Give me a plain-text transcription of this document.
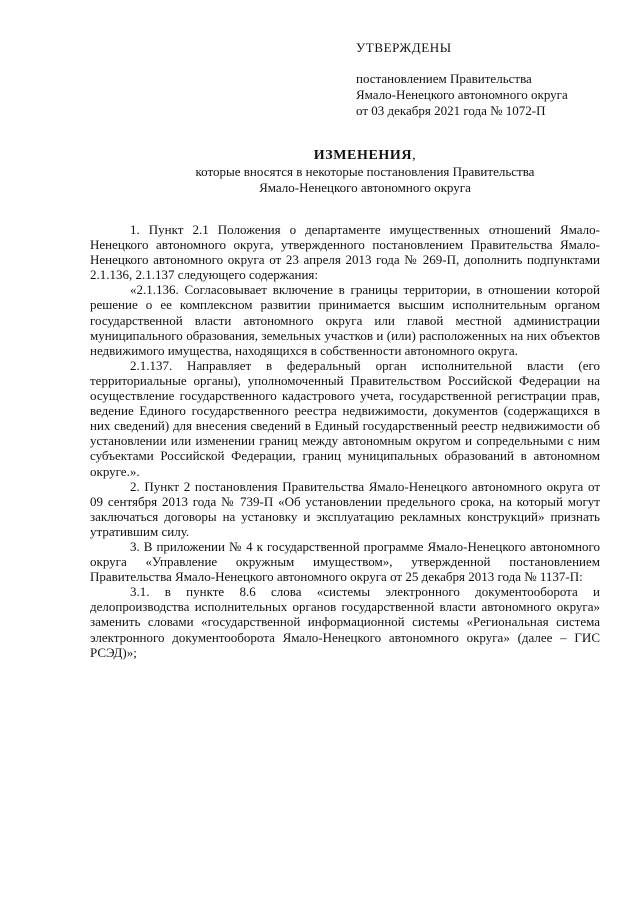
УТВЕРЖДЕНЫ
постановлением Правительства
Ямало-Ненецкого автономного округа
от 03 декабря 2021 года № 1072-П
ИЗМЕНЕНИЯ,
которые вносятся в некоторые постановления Правительства
Ямало-Ненецкого автономного округа

1. Пункт 2.1 Положения о департаменте имущественных отношений Ямало-Ненецкого автономного округа, утвержденного постановлением Правительства Ямало-Ненецкого автономного округа от 23 апреля 2013 года № 269-П, дополнить подпунктами 2.1.136, 2.1.137 следующего содержания:

«2.1.136. Согласовывает включение в границы территории, в отношении которой решение о ее комплексном развитии принимается высшим исполнительным органом государственной власти автономного округа или главой местной администрации муниципального образования, земельных участков и (или) расположенных на них объектов недвижимого имущества, находящихся в собственности автономного округа.

2.1.137. Направляет в федеральный орган исполнительной власти (его территориальные органы), уполномоченный Правительством Российской Федерации на осуществление государственного кадастрового учета, государственной регистрации прав, ведение Единого государственного реестра недвижимости, документов (содержащихся в них сведений) для внесения сведений в Единый государственный реестр недвижимости об установлении или изменении границ между автономным округом и сопредельными с ним субъектами Российской Федерации, границ муниципальных образований в автономном округе.».

2. Пункт 2 постановления Правительства Ямало-Ненецкого автономного округа от 09 сентября 2013 года № 739-П «Об установлении предельного срока, на который могут заключаться договоры на установку и эксплуатацию рекламных конструкций» признать утратившим силу.

3. В приложении № 4 к государственной программе Ямало-Ненецкого автономного округа «Управление окружным имуществом», утвержденной постановлением Правительства Ямало-Ненецкого автономного округа от 25 декабря 2013 года № 1137-П:

3.1. в пункте 8.6 слова «системы электронного документооборота и делопроизводства исполнительных органов государственной власти автономного округа» заменить словами «государственной информационной системы «Региональная система электронного документооборота Ямало-Ненецкого автономного округа» (далее – ГИС РСЭД)»;
